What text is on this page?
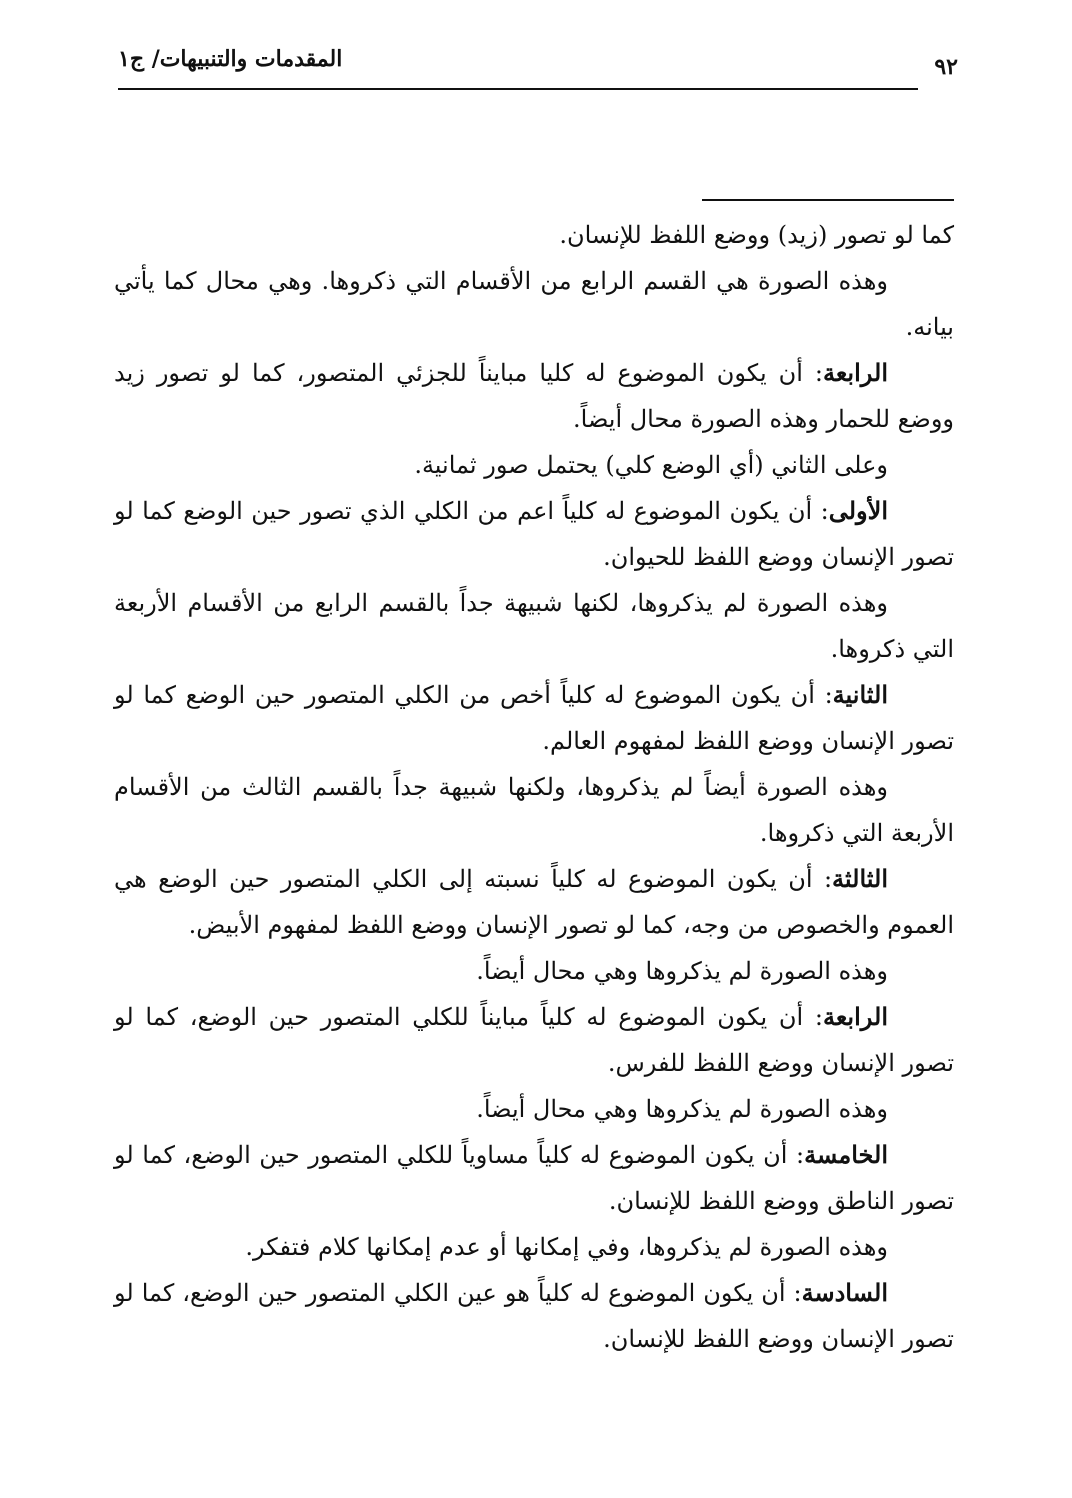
المقدمات والتنبيهات/ ج١	٩٢

كما لو تصور (زيد) ووضع اللفظ للإنسان.

وهذه الصورة هي القسم الرابع من الأقسام التي ذكروها. وهي محال كما يأتي بيانه.

الرابعة: أن يكون الموضوع له كليا مبايناً للجزئي المتصور، كما لو تصور زيد ووضع للحمار وهذه الصورة محال أيضاً.

وعلى الثاني (أي الوضع كلي) يحتمل صور ثمانية.

الأولى: أن يكون الموضوع له كلياً اعم من الكلي الذي تصور حين الوضع كما لو تصور الإنسان ووضع اللفظ للحيوان.

وهذه الصورة لم يذكروها، لكنها شبيهة جداً بالقسم الرابع من الأقسام الأربعة التي ذكروها.

الثانية: أن يكون الموضوع له كلياً أخص من الكلي المتصور حين الوضع كما لو تصور الإنسان ووضع اللفظ لمفهوم العالم.

وهذه الصورة أيضاً لم يذكروها، ولكنها شبيهة جداً بالقسم الثالث من الأقسام الأربعة التي ذكروها.

الثالثة: أن يكون الموضوع له كلياً نسبته إلى الكلي المتصور حين الوضع هي العموم والخصوص من وجه، كما لو تصور الإنسان ووضع اللفظ لمفهوم الأبيض.

وهذه الصورة لم يذكروها وهي محال أيضاً.

الرابعة: أن يكون الموضوع له كلياً مبايناً للكلي المتصور حين الوضع، كما لو تصور الإنسان ووضع اللفظ للفرس.

وهذه الصورة لم يذكروها وهي محال أيضاً.

الخامسة: أن يكون الموضوع له كلياً مساوياً للكلي المتصور حين الوضع، كما لو تصور الناطق ووضع اللفظ للإنسان.

وهذه الصورة لم يذكروها، وفي إمكانها أو عدم إمكانها كلام فتفكر.

السادسة: أن يكون الموضوع له كلياً هو عين الكلي المتصور حين الوضع، كما لو تصور الإنسان ووضع اللفظ للإنسان.
